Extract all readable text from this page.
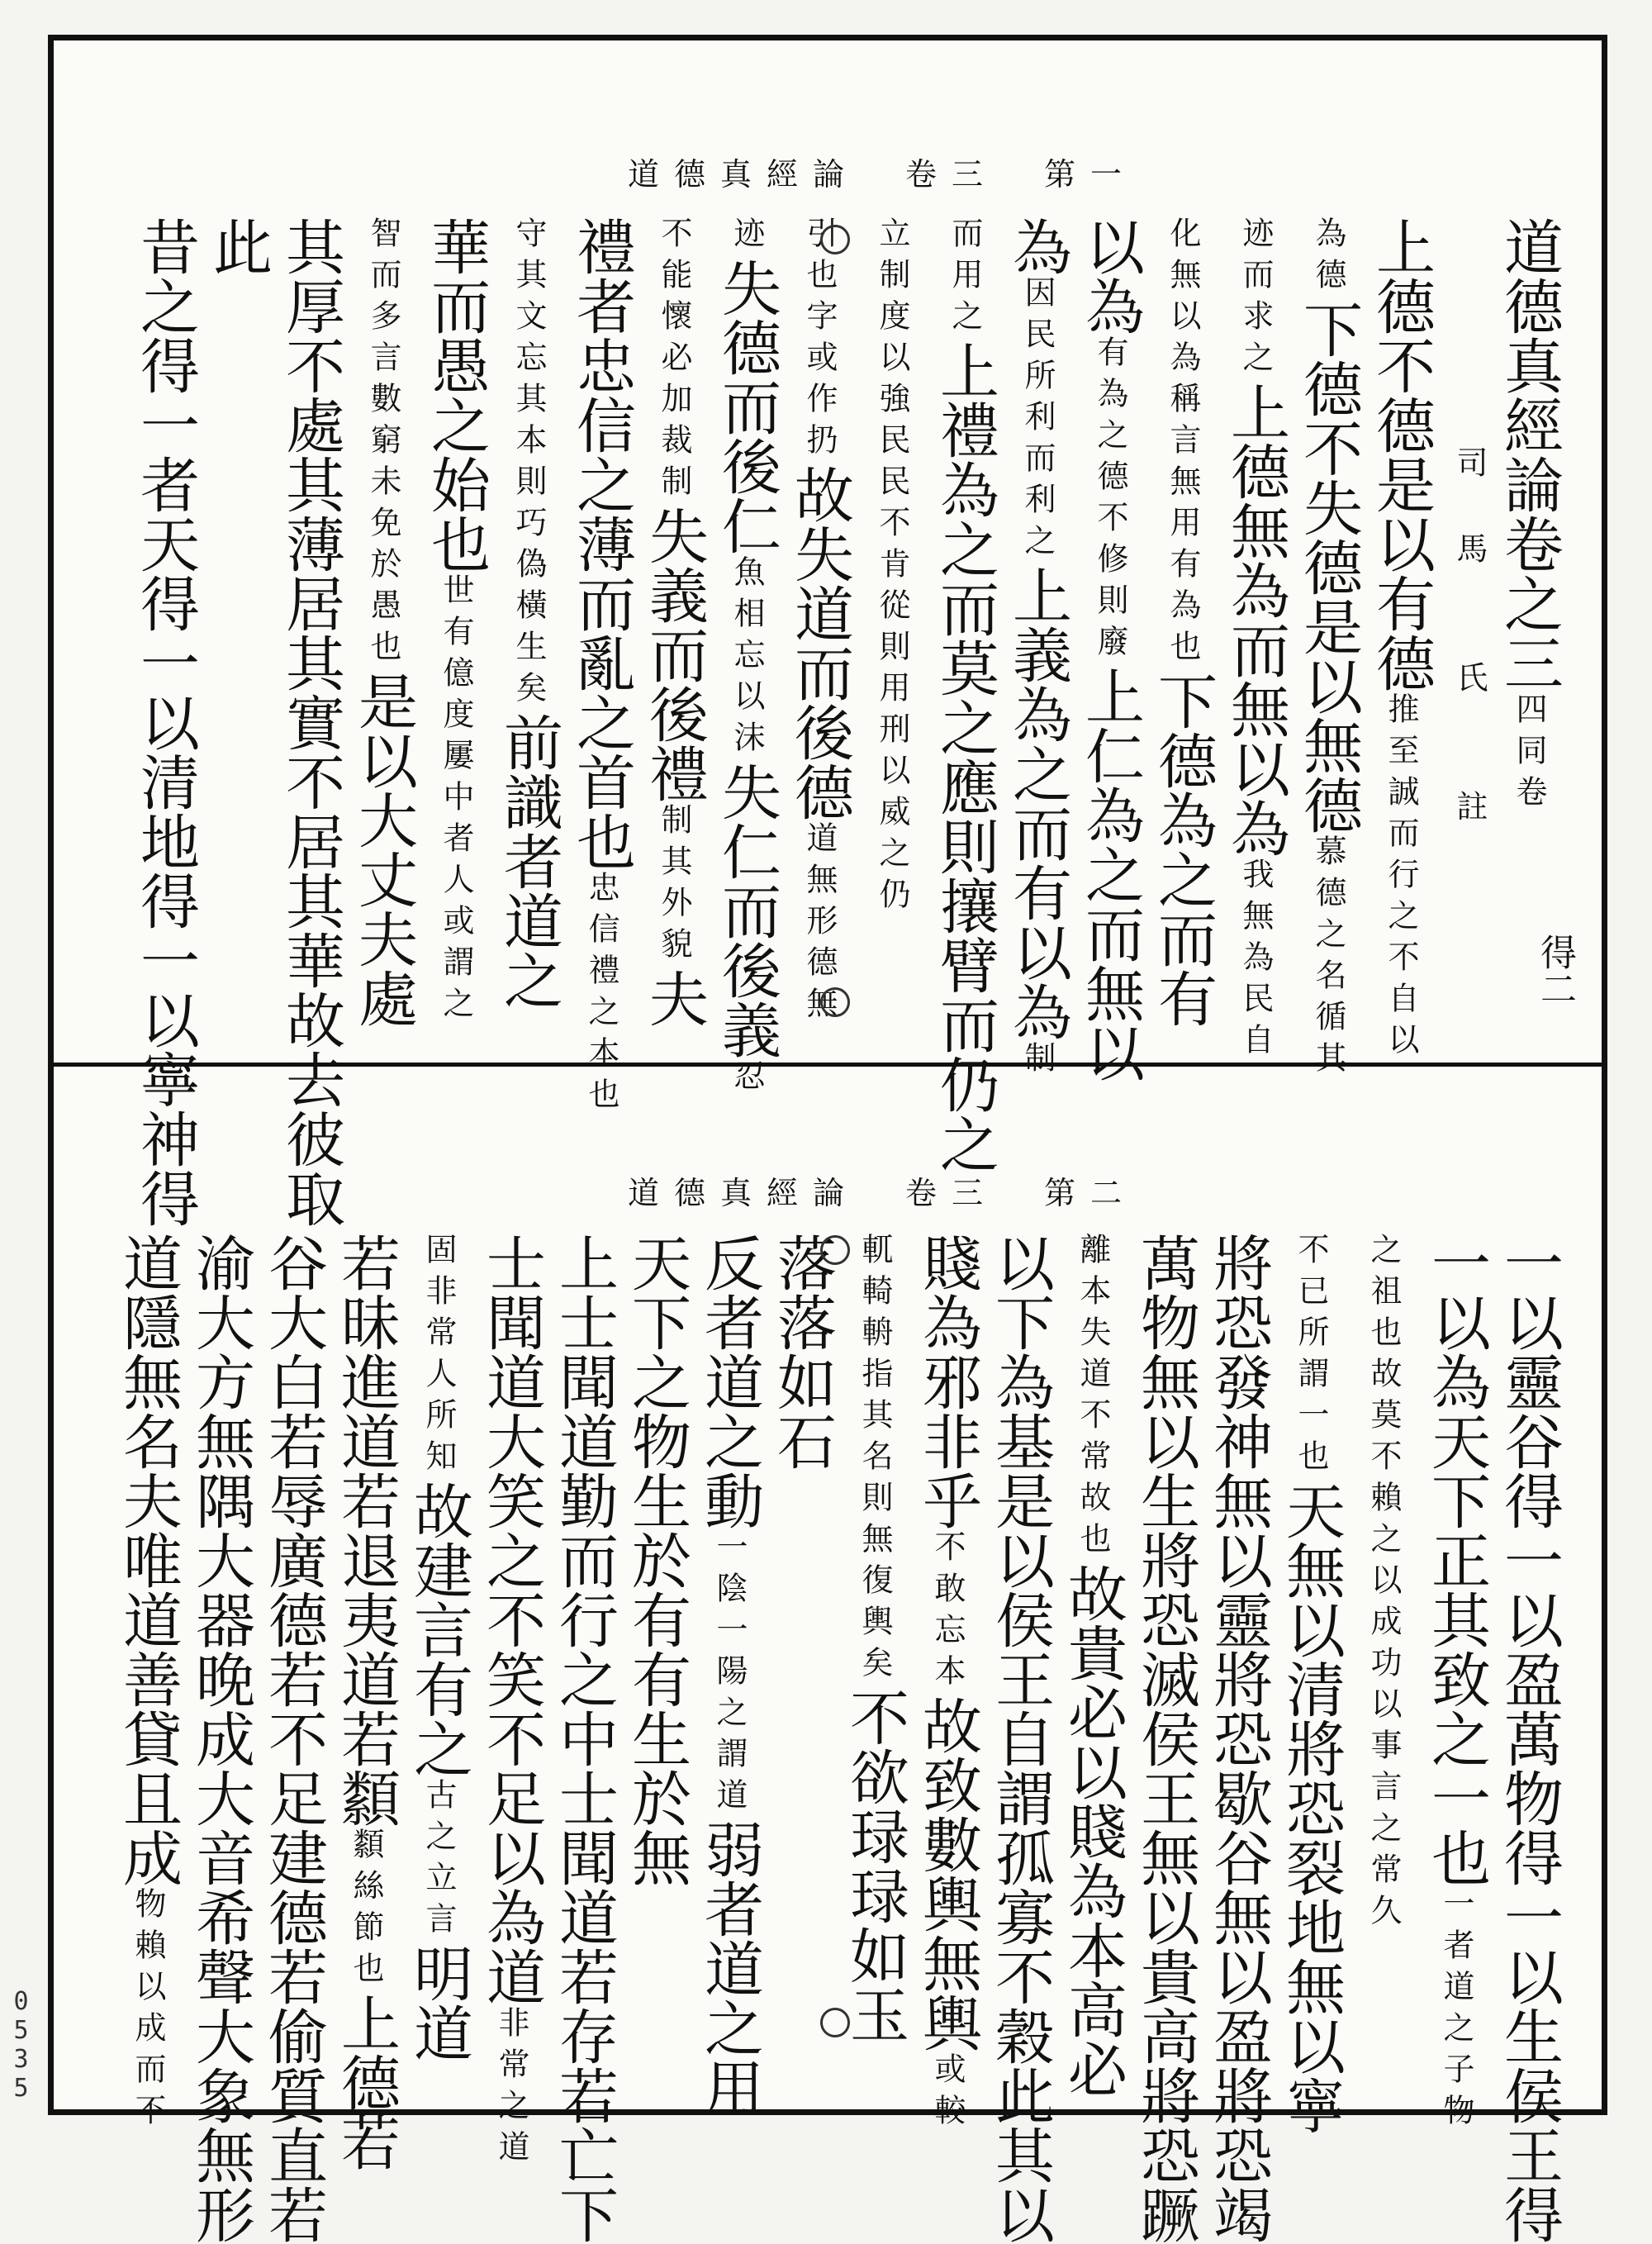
道德真經論　卷三　第一
道德真經論　卷三　第二
得二
0535
道德真經論卷之三四同卷
司　馬　　氏　　註
上德不德是以有德推至誠而行之不自以
為德下德不失德是以無德慕德之名循其
迹而求之上德無為而無以為我無為民自
化無以為稱言無用有為也下德為之而有
以為有為之德不修則廢上仁為之而無以
為因民所利而利之上義為之而有以為制
而用之上禮為之而莫之應則攘臂而仍之
立制度以強民民不肯從則用刑以威之仍
引也字或作扔故失道而後德道無形德無
迹失德而後仁魚相忘以沫失仁而後義忍
不能懷必加裁制失義而後禮制其外貌夫
禮者忠信之薄而亂之首也忠信禮之本也
守其文忘其本則巧偽橫生矣前識者道之
華而愚之始也世有億度屢中者人或謂之
智而多言數窮未免於愚也是以大丈夫處
其厚不處其薄居其實不居其華故去彼取
此
昔之得一者天得一以清地得一以寧神得
一以靈谷得一以盈萬物得一以生侯王得
一以為天下正其致之一也一者道之子物
之祖也故莫不賴之以成功以事言之常久
不已所謂一也天無以清將恐裂地無以寧
將恐發神無以靈將恐歇谷無以盈將恐竭
萬物無以生將恐滅侯王無以貴高將恐蹶
離本失道不常故也故貴必以賤為本高必
以下為基是以侯王自謂孤寡不穀此其以
賤為邪非乎不敢忘本故致數輿無輿或較
軏輢輈指其名則無復輿矣不欲琭琭如玉
落落如石
反者道之動一陰一陽之謂道弱者道之用
天下之物生於有有生於無
上士聞道勤而行之中士聞道若存若亡下
士聞道大笑之不笑不足以為道非常之道
固非常人所知故建言有之古之立言明道
若昧進道若退夷道若纇纇絲節也上德若
谷大白若辱廣德若不足建德若偷質直若
渝大方無隅大器晚成大音希聲大象無形
道隱無名夫唯道善貸且成物賴以成而不
